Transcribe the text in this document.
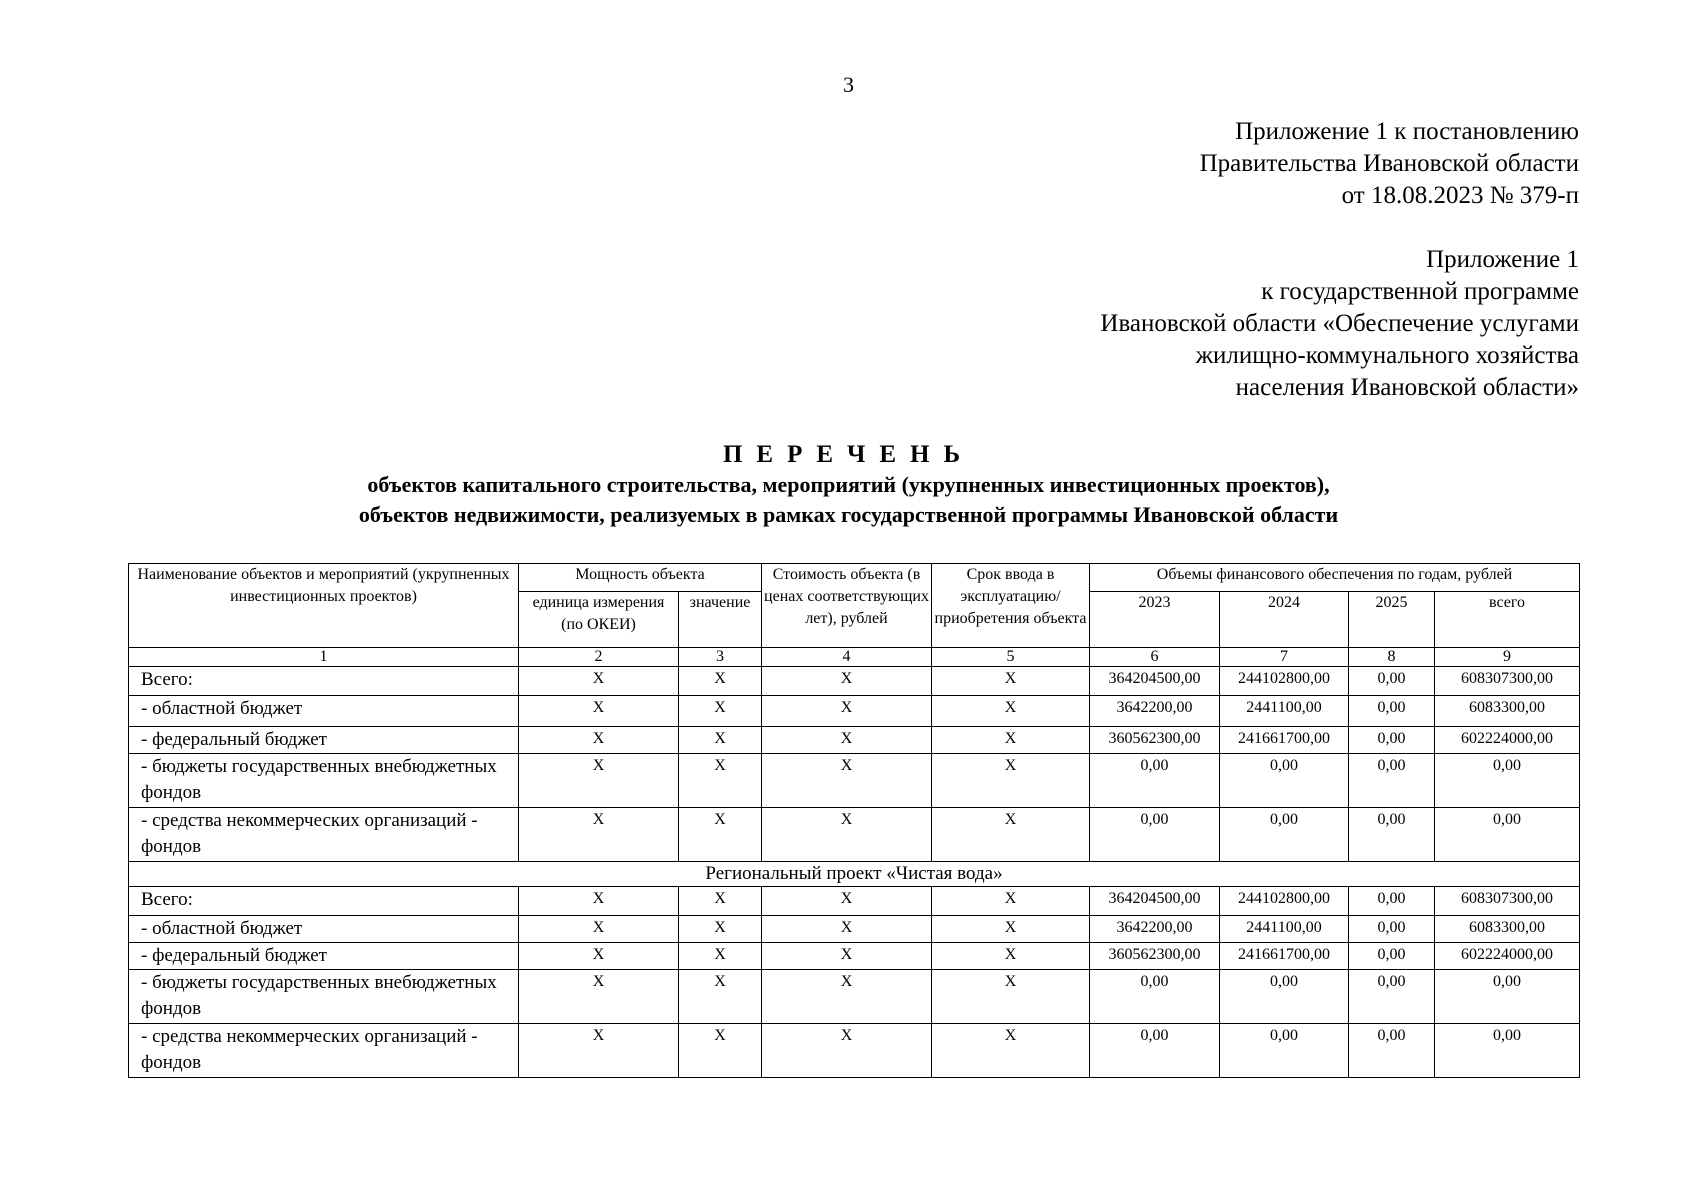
3
Приложение 1 к постановлению
Правительства Ивановской области
от 18.08.2023 № 379-п
Приложение 1
к государственной программе
Ивановской области «Обеспечение услугами
жилищно-коммунального хозяйства
населения Ивановской области»
ПЕРЕЧЕНЬ
объектов капитального строительства, мероприятий (укрупненных инвестиционных проектов),
объектов недвижимости, реализуемых в рамках государственной программы Ивановской области
Наименование объектов и мероприятий (укрупненных инвестиционных проектов)	Мощность объекта		Стоимость объекта (в ценах соответствующих лет), рублей	Срок ввода в эксплуатацию/ приобретения объекта	Объемы финансового обеспечения по годам, рублей			
	единица измерения (по ОКЕИ)	значение			2023	2024	2025	всего
1	2	3	4	5	6	7	8	9
Всего:	X	X	X	X	364204500,00	244102800,00	0,00	608307300,00
- областной бюджет	X	X	X	X	3642200,00	2441100,00	0,00	6083300,00
- федеральный бюджет	X	X	X	X	360562300,00	241661700,00	0,00	602224000,00
- бюджеты государственных внебюджетных фондов	X	X	X	X	0,00	0,00	0,00	0,00
- средства некоммерческих организаций - фондов	X	X	X	X	0,00	0,00	0,00	0,00
Региональный проект «Чистая вода»								
Всего:	X	X	X	X	364204500,00	244102800,00	0,00	608307300,00
- областной бюджет	X	X	X	X	3642200,00	2441100,00	0,00	6083300,00
- федеральный бюджет	X	X	X	X	360562300,00	241661700,00	0,00	602224000,00
- бюджеты государственных внебюджетных фондов	X	X	X	X	0,00	0,00	0,00	0,00
- средства некоммерческих организаций - фондов	X	X	X	X	0,00	0,00	0,00	0,00
